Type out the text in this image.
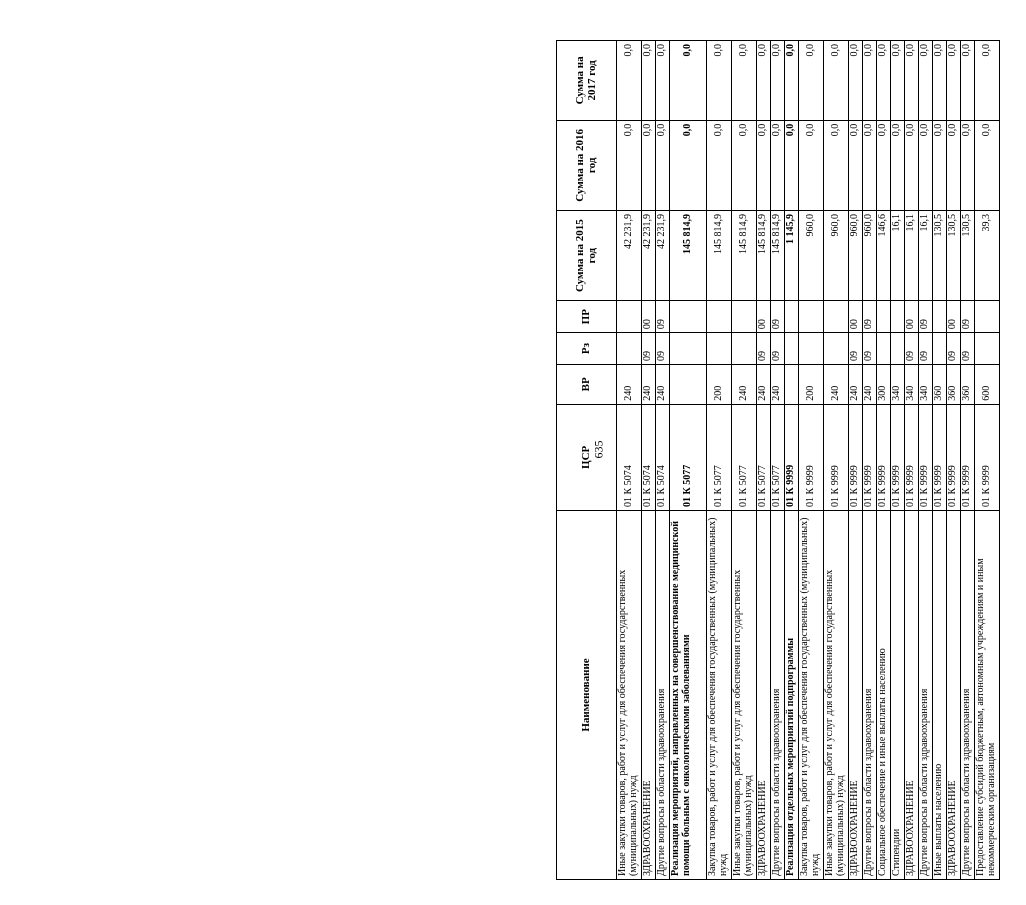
635
Наименование	ЦСР	ВР	Рз	ПР	Сумма на 2015 год	Сумма на 2016 год	Сумма на 2017 год
Иные закупки товаров, работ и услуг для обеспечения государственных (муниципальных) нужд	01 К 5074	240			42 231,9	0,0	0,0
ЗДРАВООХРАНЕНИЕ	01 К 5074	240	09	00	42 231,9	0,0	0,0
Другие вопросы в области здравоохранения	01 К 5074	240	09	09	42 231,9	0,0	0,0
Реализация мероприятий, направленных на совершенствование медицинской помощи больным с онкологическими заболеваниями	01 К 5077				145 814,9	0,0	0,0
Закупка товаров, работ и услуг для обеспечения государственных (муниципальных) нужд	01 К 5077	200			145 814,9	0,0	0,0
Иные закупки товаров, работ и услуг для обеспечения государственных (муниципальных) нужд	01 К 5077	240			145 814,9	0,0	0,0
ЗДРАВООХРАНЕНИЕ	01 К 5077	240	09	00	145 814,9	0,0	0,0
Другие вопросы в области здравоохранения	01 К 5077	240	09	09	145 814,9	0,0	0,0
Реализация отдельных мероприятий подпрограммы	01 К 9999				1 145,9	0,0	0,0
Закупка товаров, работ и услуг для обеспечения государственных (муниципальных) нужд	01 К 9999	200			960,0	0,0	0,0
Иные закупки товаров, работ и услуг для обеспечения государственных (муниципальных) нужд	01 К 9999	240			960,0	0,0	0,0
ЗДРАВООХРАНЕНИЕ	01 К 9999	240	09	00	960,0	0,0	0,0
Другие вопросы в области здравоохранения	01 К 9999	240	09	09	960,0	0,0	0,0
Социальное обеспечение и иные выплаты населению	01 К 9999	300			146,6	0,0	0,0
Стипендии	01 К 9999	340			16,1	0,0	0,0
ЗДРАВООХРАНЕНИЕ	01 К 9999	340	09	00	16,1	0,0	0,0
Другие вопросы в области здравоохранения	01 К 9999	340	09	09	16,1	0,0	0,0
Иные выплаты населению	01 К 9999	360			130,5	0,0	0,0
ЗДРАВООХРАНЕНИЕ	01 К 9999	360	09	00	130,5	0,0	0,0
Другие вопросы в области здравоохранения	01 К 9999	360	09	09	130,5	0,0	0,0
Предоставление субсидий бюджетным, автономным учреждениям и иным некоммерческим организациям	01 К 9999	600			39,3	0,0	0,0
